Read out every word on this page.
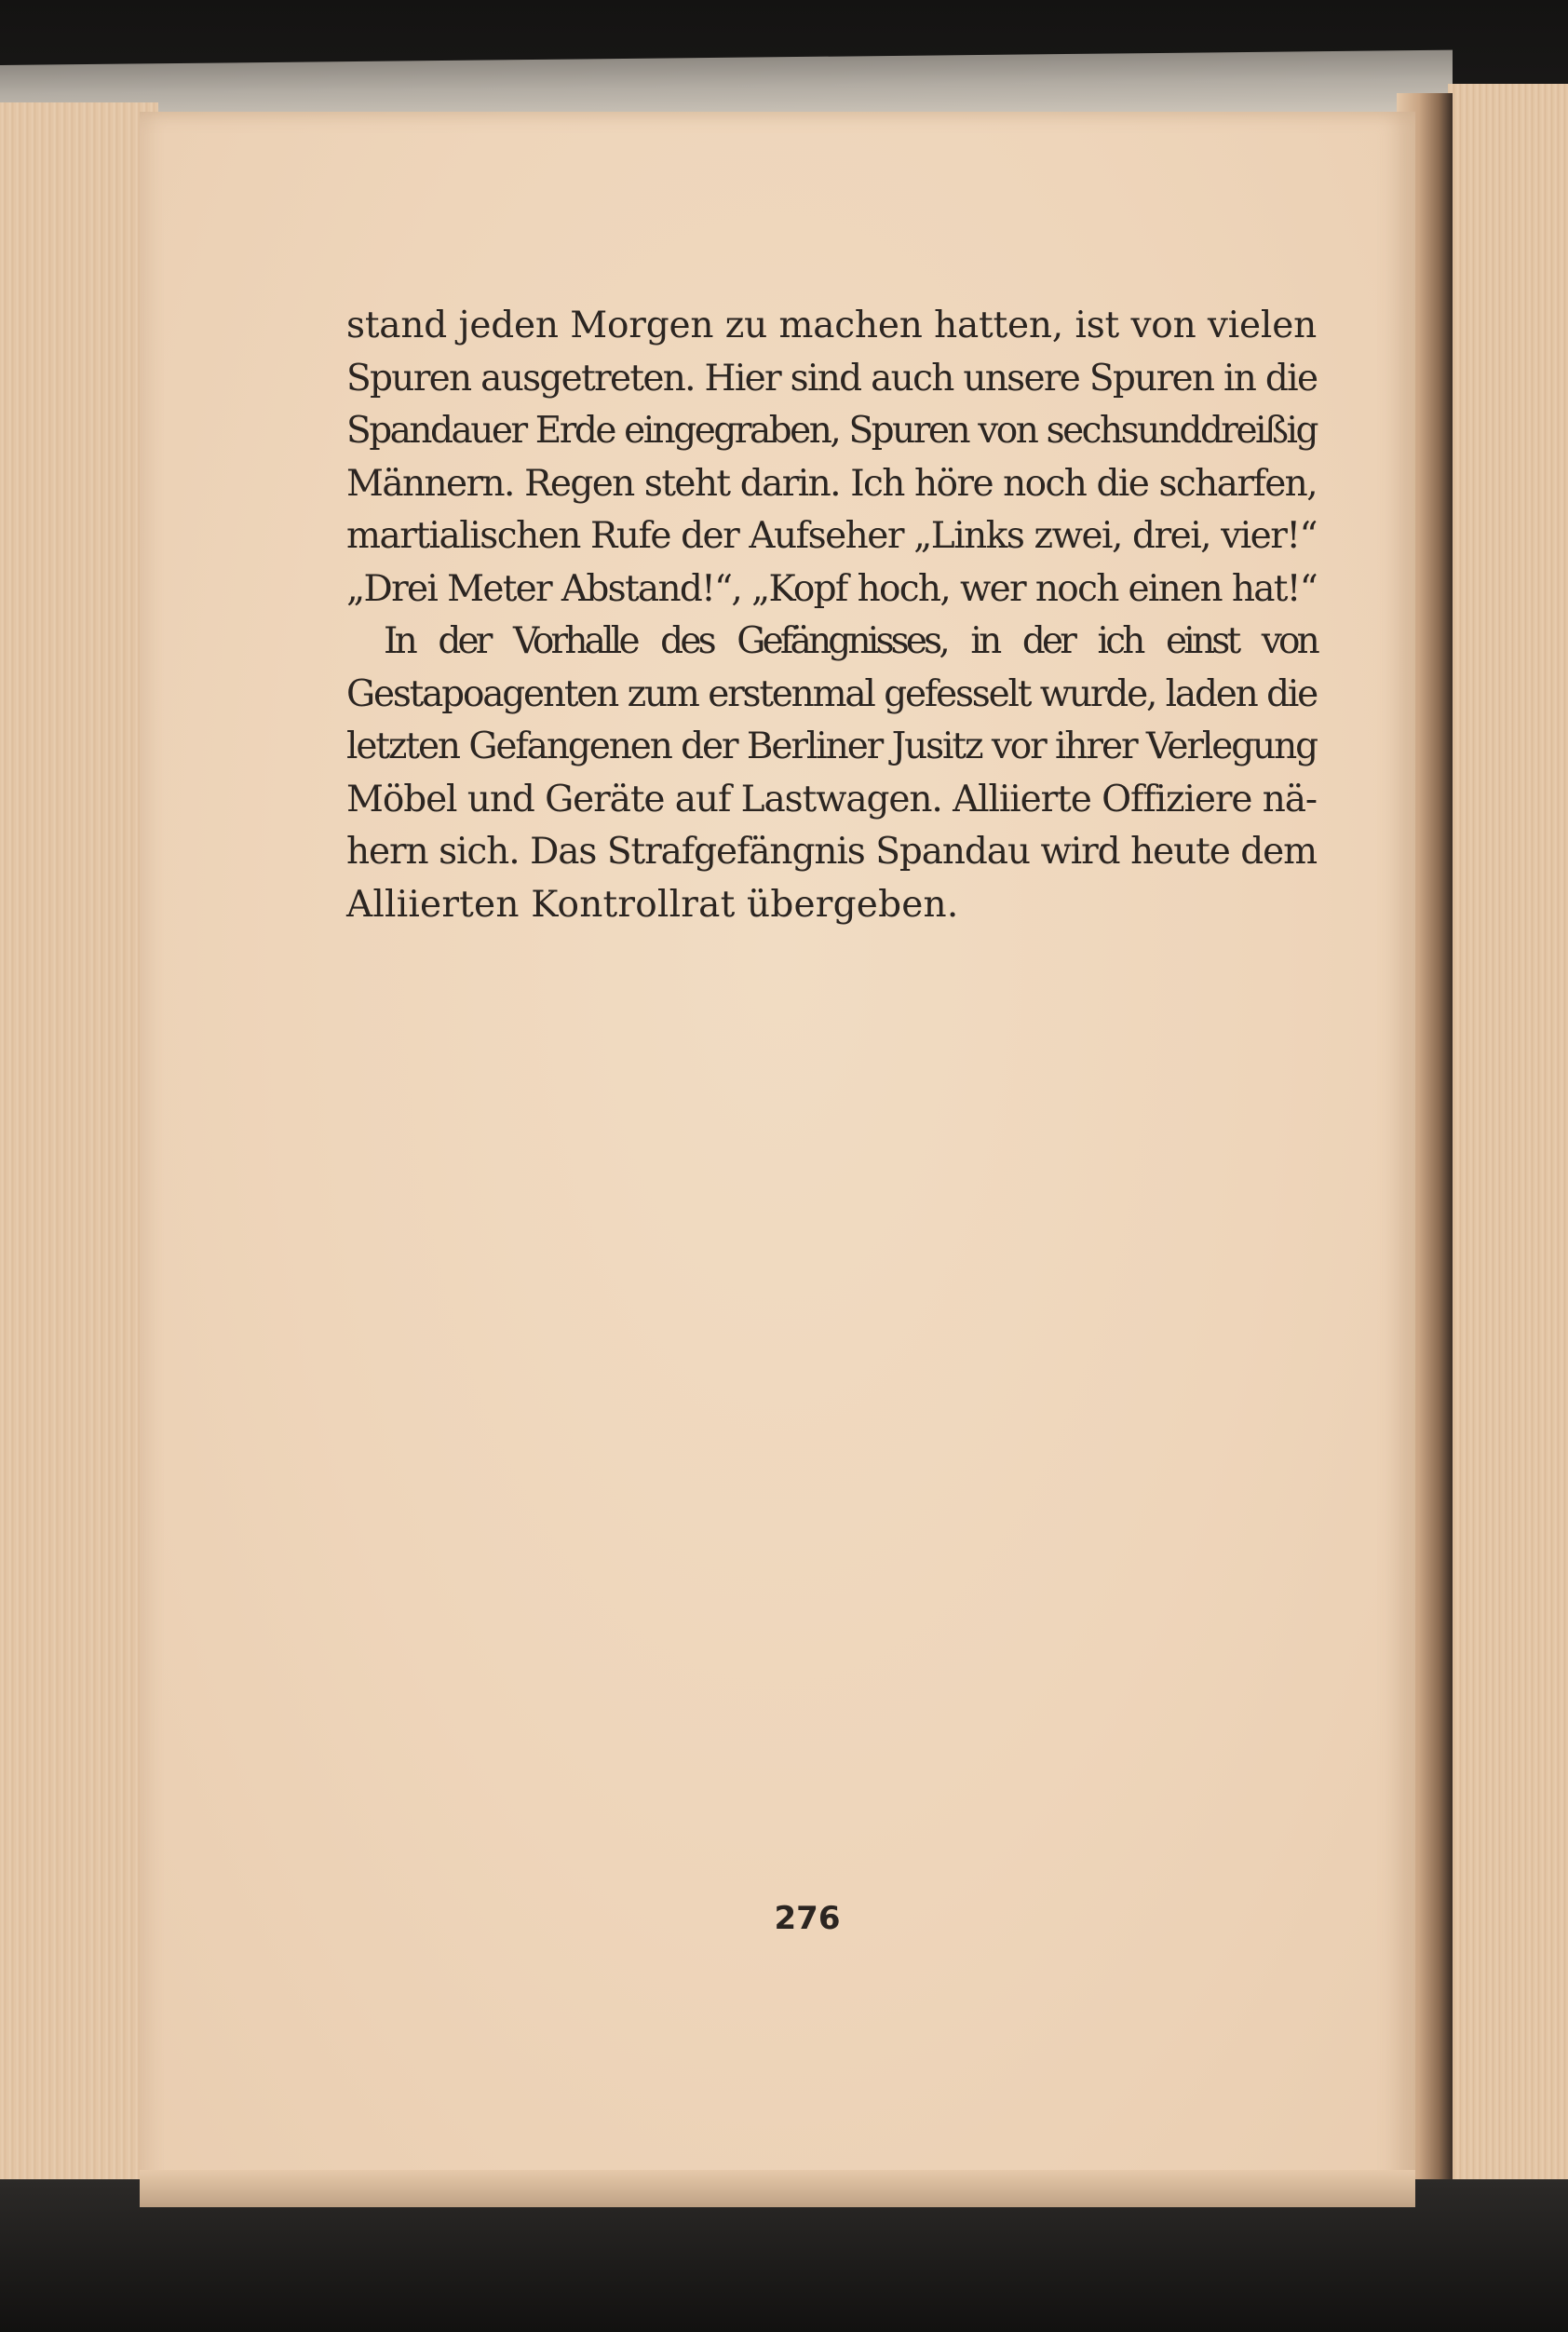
stand jeden Morgen zu machen hatten, ist von vielen
Spuren ausgetreten. Hier sind auch unsere Spuren in die
Spandauer Erde eingegraben, Spuren von sechsunddreißig
Männern. Regen steht darin. Ich höre noch die scharfen,
martialischen Rufe der Aufseher „Links zwei, drei, vier!“
„Drei Meter Abstand!“, „Kopf hoch, wer noch einen hat!“

In der Vorhalle des Gefängnisses, in der ich einst von
Gestapoagenten zum erstenmal gefesselt wurde, laden die
letzten Gefangenen der Berliner Jusitz vor ihrer Verlegung
Möbel und Geräte auf Lastwagen. Alliierte Offiziere nä-
hern sich. Das Strafgefängnis Spandau wird heute dem
Alliierten Kontrollrat übergeben.

276
